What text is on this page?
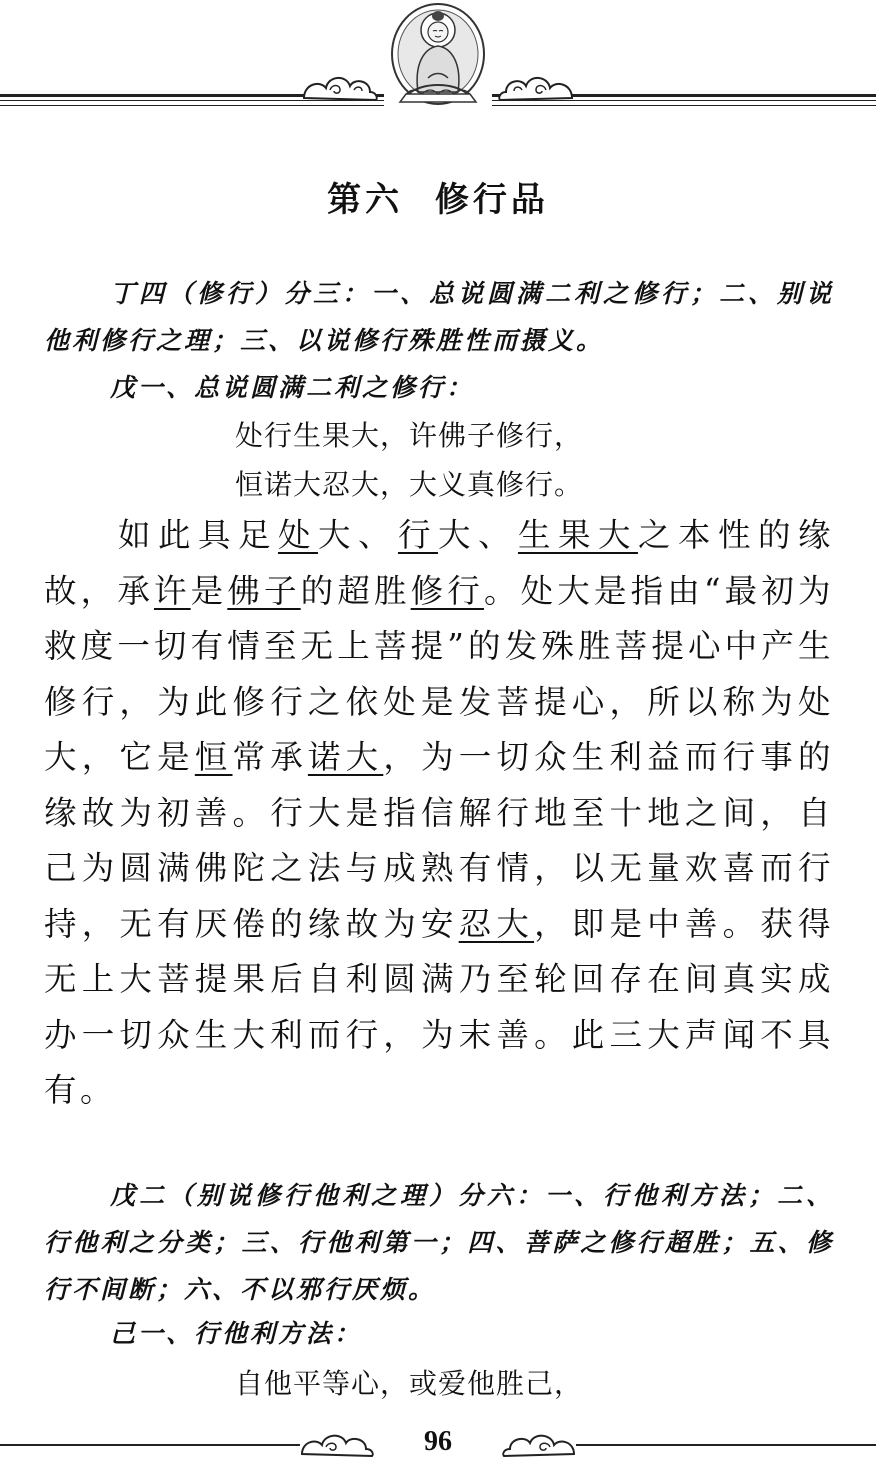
第六  修行品
丁四（修行）分三：一、总说圆满二利之修行；二、别说他利修行之理；三、以说修行殊胜性而摄义。
戊一、总说圆满二利之修行：
处行生果大，许佛子修行，
恒诺大忍大，大义真修行。
如此具足处大、行大、生果大之本性的缘故，承许是佛子的超胜修行。处大是指由“最初为救度一切有情至无上菩提”的发殊胜菩提心中产生修行，为此修行之依处是发菩提心，所以称为处大，它是恒常承诺大，为一切众生利益而行事的缘故为初善。行大是指信解行地至十地之间，自己为圆满佛陀之法与成熟有情，以无量欢喜而行持，无有厌倦的缘故为安忍大，即是中善。获得无上大菩提果后自利圆满乃至轮回存在间真实成办一切众生大利而行，为末善。此三大声闻不具有。
戊二（别说修行他利之理）分六：一、行他利方法；二、行他利之分类；三、行他利第一；四、菩萨之修行超胜；五、修行不间断；六、不以邪行厌烦。
己一、行他利方法：
自他平等心，或爱他胜己，
96
